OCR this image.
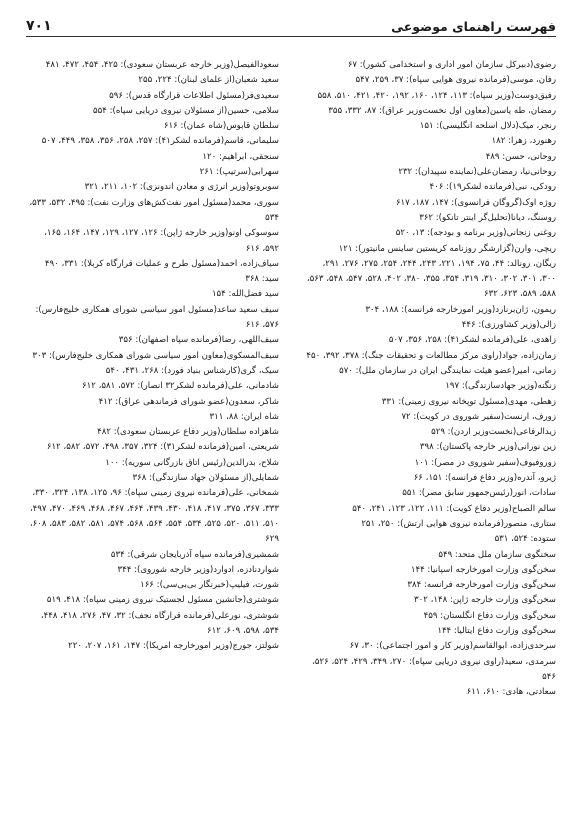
فهرست راهنمای موضوعی
۷۰۱

رضوی(دبیرکل سازمان امور اداری و استخدامی کشور): ۶۷

رفان، موسی(فرمانده نیروی هوایی سپاه): ۳۷، ۲۵۹، ۵۴۷

رفیق‌دوست(وزیر سپاه): ۱۱۳، ۱۲۴، ۱۶۰، ۱۹۲، ۴۲۰، ۴۲۱، ۵۱۰، ۵۵۸

رمضان، طه یاسین(معاون اول نخست‌وزیر عراق): ۸۷، ۳۳۲، ۳۵۵

رنجر، میک(دلال اسلحه انگلیسی): ۱۵۱

رهنورد، زهرا: ۱۸۲

روحانی، حسن: ۴۸۹

روحانی‌نیا، رمضان‌علی(نماینده سپیدان): ۲۳۲

رودکی، نبی(فرمانده لشکر۱۹): ۴۰۶

روژه اوک(گروگان فرانسوی): ۱۴۷، ۱۸۷، ۶۱۷

روسنگ، دیانا(تحلیل‌گر اینتر تانکو): ۳۶۲

روغنی زنجانی(وزیر برنامه و بودجه): ۱۳، ۵۲۰

ریچی، وارن(گزارشگر روزنامه کریستین ساینس مانیتور): ۱۲۱

ریگان، رونالد: ۴۴، ۷۵، ۱۹۴، ۲۲۱، ۲۴۳، ۲۴۴، ۲۵۴، ۲۷۵، ۲۷۶، ۲۹۱، ۳۰۰، ۳۰۱، ۳۰۲، ۳۱۰، ۳۱۹، ۳۵۴، ۳۵۵، ۳۸۰، ۴۰۲، ۵۲۸، ۵۴۷، ۵۴۸، ۵۶۳، ۵۸۸، ۵۸۹، ۶۲۳، ۶۳۲

ریمون، ژان‌برنارد(وزیر امورخارجه فرانسه): ۱۸۸، ۳۰۴

زالی(وزیر کشاورزی): ۴۴۶

زاهدی، علی(فرمانده لشکر۴۱): ۲۵۸، ۳۵۶، ۵۰۷

زمان‌زاده، جواد(راوی مرکز مطالعات و تحقیقات جنگ): ۳۷۸، ۳۹۲، ۴۵۰

زمانی، امیر(عضو هیئت نمایندگی ایران در سازمان ملل): ۵۷۰

زنگنه(وزیر جهادسازندگی): ۱۹۷

زهطی، مهدی(مسئول توپخانه نیروی زمینی): ۳۳۱

زورف، ارنست(سفیر شوروی در کویت): ۷۲

زیدالرفاعی(نخست‌وزیر اردن): ۵۲۹

زین نورانی(وزیر خارجه پاکستان): ۳۹۸

زوروفیوف(سفیر شوروی در مصر): ۱۰۱

ژیرو، آندره(وزیر دفاع فرانسه): ۱۵۱، ۶۶

سادات، انور(رئیس‌جمهور سابق مصر): ۵۵۱

سالم الصباح(وزیر دفاع کویت): ۱۱۱، ۱۲۲، ۱۲۳، ۲۴۱، ۵۴۰

ستاری، منصور(فرمانده نیروی هوایی ارتش): ۲۵۰، ۲۵۱

ستوده: ۵۲۴، ۵۳۱

سخنگوی سازمان ملل متحد: ۵۴۹

سخن‌گوی وزارت امورخارجه اسپانیا: ۱۴۴

سخن‌گوی وزارت امورخارجه فرانسه: ۳۸۴

سخن‌گوی وزارت خارجه ژاپن: ۱۴۸، ۳۰۲

سخن‌گوی وزارت دفاع انگلستان: ۴۵۹

سخن‌گوی وزارت دفاع ایتالیا: ۱۴۴

سرحدی‌زاده، ابوالقاسم(وزیر کار و امور اجتماعی): ۳۰، ۶۷

سرمدی، سعید(راوی نیروی دریایی سپاه): ۲۷۰، ۳۴۹، ۴۲۹، ۵۲۴، ۵۲۶، ۵۴۶

سعادتی، هادی: ۶۱۰، ۶۱۱

سعودالفیصل(وزیر خارجه عربستان سعودی): ۴۲۵، ۴۵۴، ۴۷۲، ۴۸۱

سعید شعبان(از علمای لبنان): ۲۲۴، ۲۵۵

سعیدی‌فر(مسئول اطلاعات قرارگاه قدس): ۵۹۶

سلامی، حسین(از مسئولان نیروی دریایی سپاه): ۵۵۴

سلطان قابوس(شاه عمان): ۶۱۶

سلیمانی، قاسم(فرمانده لشکر۴۱): ۲۵۷، ۲۵۸، ۳۵۶، ۳۵۸، ۴۴۹، ۵۰۷

سنجقی، ابراهیم: ۱۲۰

سهرابی(سرتیپ): ۲۶۱

سوبروتو(وزیر انرژی و معادن اندونزی): ۱۰۲، ۲۱۱، ۳۲۱

سوری، محمد(مسئول امور نفت‌کش‌های وزارت نفت): ۴۹۵، ۵۳۲، ۵۳۳، ۵۳۴

سوسوکی اونو(وزیر خارجه ژاپن): ۱۲۶، ۱۲۷، ۱۲۹، ۱۴۷، ۱۶۴، ۱۶۵، ۵۹۲، ۶۱۶

سیاف‌زاده، احمد(مسئول طرح و عملیات قرارگاه کربلا): ۳۳۱، ۴۹۰

سید: ۳۶۸

سید فضل‌الله: ۱۵۴

سیف سعید ساعد(مسئول امور سیاسی شورای همکاری خلیج‌فارس): ۵۷۶، ۶۱۶

سیف‌اللهی، رضا(فرمانده سپاه اصفهان): ۳۵۶

سیف‌المسکوی(معاون امور سیاسی شورای همکاری خلیج‌فارس): ۳۰۳

سیک، گری(کارشناس بنیاد فورد): ۲۶۸، ۴۳۱، ۵۴۰

شادمانی، علی(فرمانده لشکر۳۲ انصار): ۵۷۲، ۵۸۱، ۶۱۲

شاکر، سعدون(عضو شورای فرماندهی عراق): ۴۱۲

شاه ایران: ۸۸، ۳۱۱

شاهزاده سلطان(وزیر دفاع عربستان سعودی): ۴۸۲

شریعتی، امین(فرمانده لشکر۳۱): ۳۲۴، ۳۵۷، ۴۹۸، ۵۷۲، ۵۸۲، ۶۱۲

شلاح، بدرالدین(رئیس اتاق بازرگانی سوریه): ۱۰۰

شمایلی(از مسئولان جهاد سازندگی): ۳۶۸

شمخانی، علی(فرمانده نیروی زمینی سپاه): ۹۶، ۱۲۵، ۱۳۸، ۳۲۴، ۳۳۰، ۳۳۳، ۳۶۷، ۳۷۵، ۴۱۷، ۴۱۸، ۴۳۰، ۴۳۹، ۴۶۴، ۴۶۷، ۴۶۸، ۴۶۹، ۴۷۰، ۴۹۷، ۵۱۰، ۵۱۱، ۵۲۰، ۵۲۵، ۵۳۴، ۵۵۴، ۵۶۴، ۵۶۸، ۵۷۴، ۵۸۱، ۵۸۲، ۵۸۳، ۶۰۸، ۶۲۹

شمشیری(فرمانده سپاه آذربایجان شرقی): ۵۳۴

شواردنادزه، ادوارد(وزیر خارجه شوروی): ۳۴۴

شورت، فیلیپ(خبرنگار بی‌بی‌سی): ۱۶۶

شوشتری(جانشین مسئول لجستیک نیروی زمینی سپاه): ۴۱۸، ۵۱۹

شوشتری، نورعلی(فرمانده قرارگاه نجف): ۳۲، ۴۷، ۲۷۶، ۴۱۸، ۴۴۸، ۵۳۴، ۵۹۸، ۶۰۹، ۶۱۲

شولتز، جورج(وزیر امورخارجه امریکا): ۱۴۷، ۱۶۱، ۲۰۷، ۲۲۰
